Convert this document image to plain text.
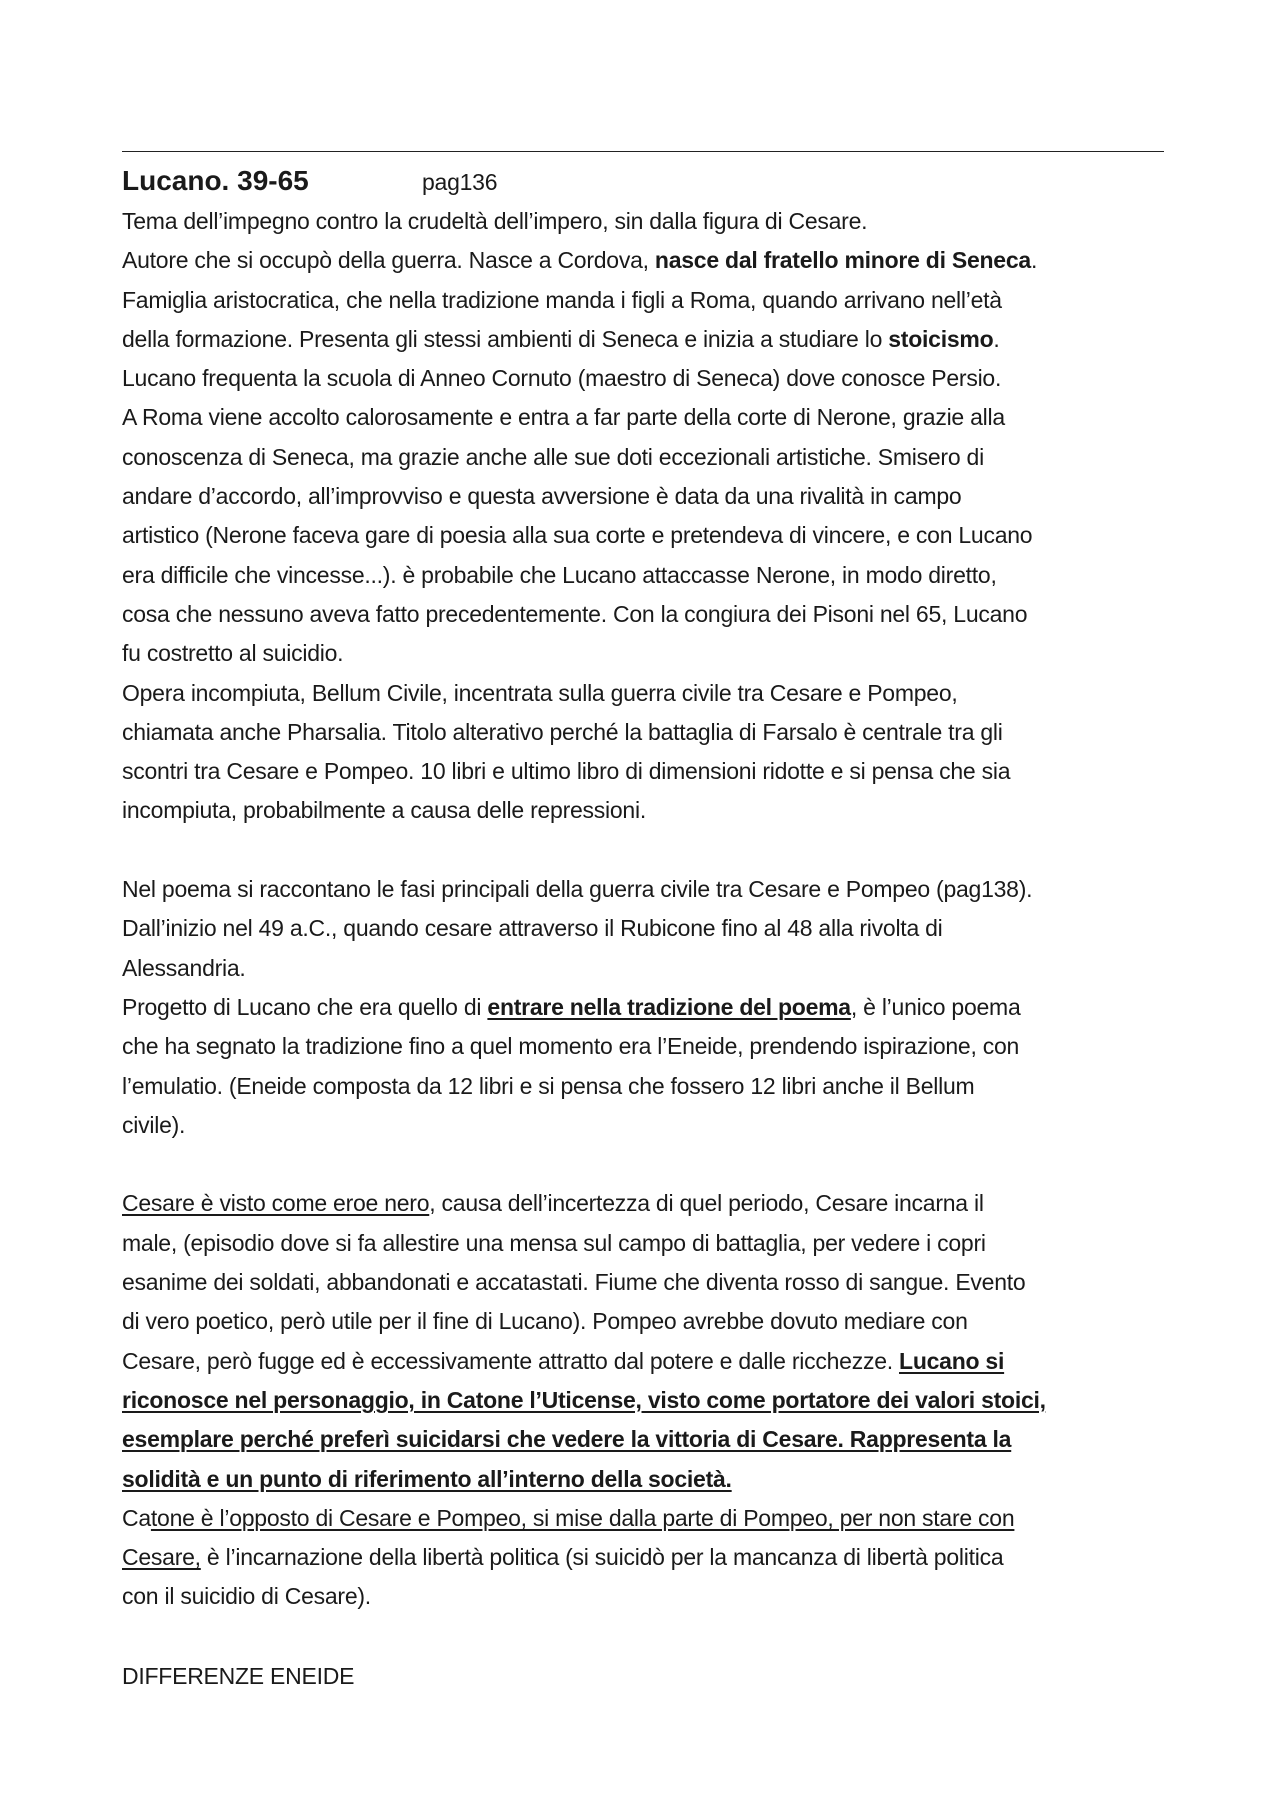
Lucano. 39-65	pag136
Tema dell’impegno contro la crudeltà dell’impero, sin dalla figura di Cesare.
Autore che si occupò della guerra. Nasce a Cordova, nasce dal fratello minore di Seneca.
Famiglia aristocratica, che nella tradizione manda i figli a Roma, quando arrivano nell’età
della formazione. Presenta gli stessi ambienti di Seneca e inizia a studiare lo stoicismo.
Lucano frequenta la scuola di Anneo Cornuto (maestro di Seneca) dove conosce Persio.
A Roma viene accolto calorosamente e entra a far parte della corte di Nerone, grazie alla
conoscenza di Seneca, ma grazie anche alle sue doti eccezionali artistiche. Smisero di
andare d’accordo, all’improvviso e questa avversione è data da una rivalità in campo
artistico (Nerone faceva gare di poesia alla sua corte e pretendeva di vincere, e con Lucano
era difficile che vincesse...). è probabile che Lucano attaccasse Nerone, in modo diretto,
cosa che nessuno aveva fatto precedentemente. Con la congiura dei Pisoni nel 65, Lucano
fu costretto al suicidio.
Opera incompiuta, Bellum Civile, incentrata sulla guerra civile tra Cesare e Pompeo,
chiamata anche Pharsalia. Titolo alterativo perché la battaglia di Farsalo è centrale tra gli
scontri tra Cesare e Pompeo. 10 libri e ultimo libro di dimensioni ridotte e si pensa che sia
incompiuta, probabilmente a causa delle repressioni.
Nel poema si raccontano le fasi principali della guerra civile tra Cesare e Pompeo (pag138).
Dall’inizio nel 49 a.C., quando cesare attraverso il Rubicone fino al 48 alla rivolta di
Alessandria.
Progetto di Lucano che era quello di entrare nella tradizione del poema, è l’unico poema
che ha segnato la tradizione fino a quel momento era l’Eneide, prendendo ispirazione, con
l’emulatio. (Eneide composta da 12 libri e si pensa che fossero 12 libri anche il Bellum
civile).
Cesare è visto come eroe nero, causa dell’incertezza di quel periodo, Cesare incarna il
male, (episodio dove si fa allestire una mensa sul campo di battaglia, per vedere i copri
esanime dei soldati, abbandonati e accatastati. Fiume che diventa rosso di sangue. Evento
di vero poetico, però utile per il fine di Lucano). Pompeo avrebbe dovuto mediare con
Cesare, però fugge ed è eccessivamente attratto dal potere e dalle ricchezze. Lucano si
riconosce nel personaggio, in Catone l’Uticense, visto come portatore dei valori stoici,
esemplare perché preferì suicidarsi che vedere la vittoria di Cesare. Rappresenta la
solidità e un punto di riferimento all’interno della società.
Catone è l’opposto di Cesare e Pompeo, si mise dalla parte di Pompeo, per non stare con
Cesare, è l’incarnazione della libertà politica (si suicidò per la mancanza di libertà politica
con il suicidio di Cesare).
DIFFERENZE ENEIDE
